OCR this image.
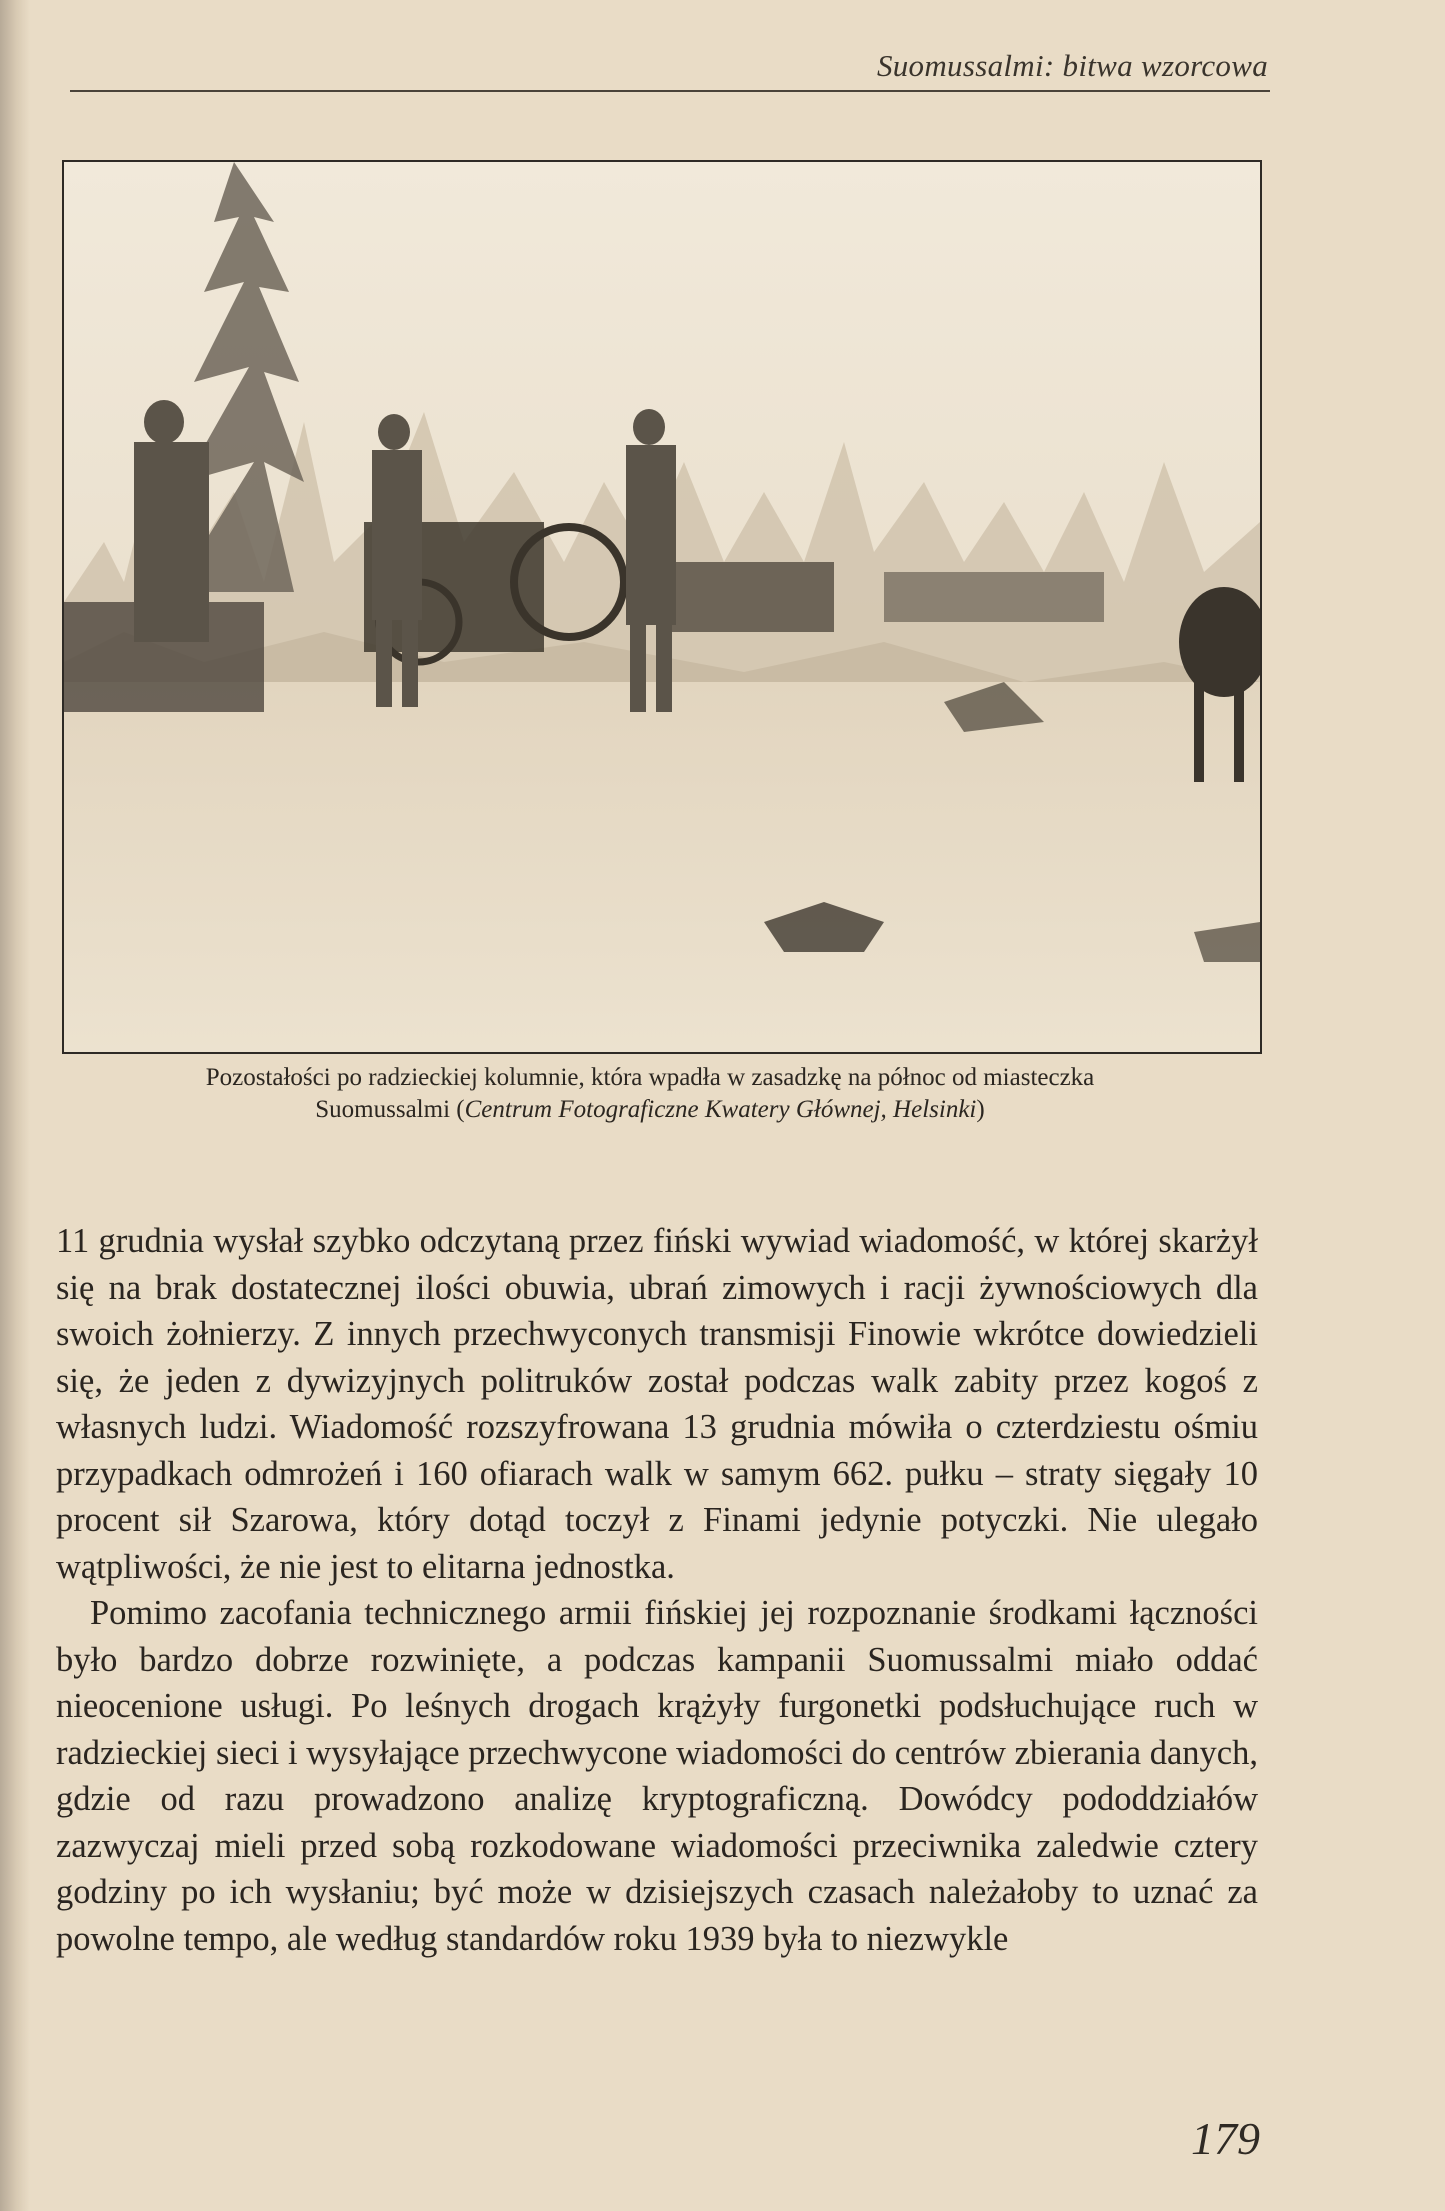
Suomussalmi: bitwa wzorcowa
Pozostałości po radzieckiej kolumnie, która wpadła w zasadzkę na północ od miasteczka Suomussalmi (Centrum Fotograficzne Kwatery Głównej, Helsinki)

11 grudnia wysłał szybko odczytaną przez fiński wywiad wiadomość, w której skarżył się na brak dostatecznej ilości obuwia, ubrań zimowych i racji żywnościowych dla swoich żołnierzy. Z innych przechwyconych transmisji Finowie wkrótce dowiedzieli się, że jeden z dywizyjnych politruków został podczas walk zabity przez kogoś z własnych ludzi. Wiadomość rozszyfrowana 13 grudnia mówiła o czterdziestu ośmiu przypadkach odmrożeń i 160 ofiarach walk w samym 662. pułku – straty sięgały 10 procent sił Szarowa, który dotąd toczył z Finami jedynie potyczki. Nie ulegało wątpliwości, że nie jest to elitarna jednostka.

Pomimo zacofania technicznego armii fińskiej jej rozpoznanie środkami łączności było bardzo dobrze rozwinięte, a podczas kampanii Suomussalmi miało oddać nieocenione usługi. Po leśnych drogach krążyły furgonetki podsłuchujące ruch w radzieckiej sieci i wysyłające przechwycone wiadomości do centrów zbierania danych, gdzie od razu prowadzono analizę kryptograficzną. Dowódcy pododdziałów zazwyczaj mieli przed sobą rozkodowane wiadomości przeciwnika zaledwie cztery godziny po ich wysłaniu; być może w dzisiejszych czasach należałoby to uznać za powolne tempo, ale według standardów roku 1939 była to niezwykle

179
